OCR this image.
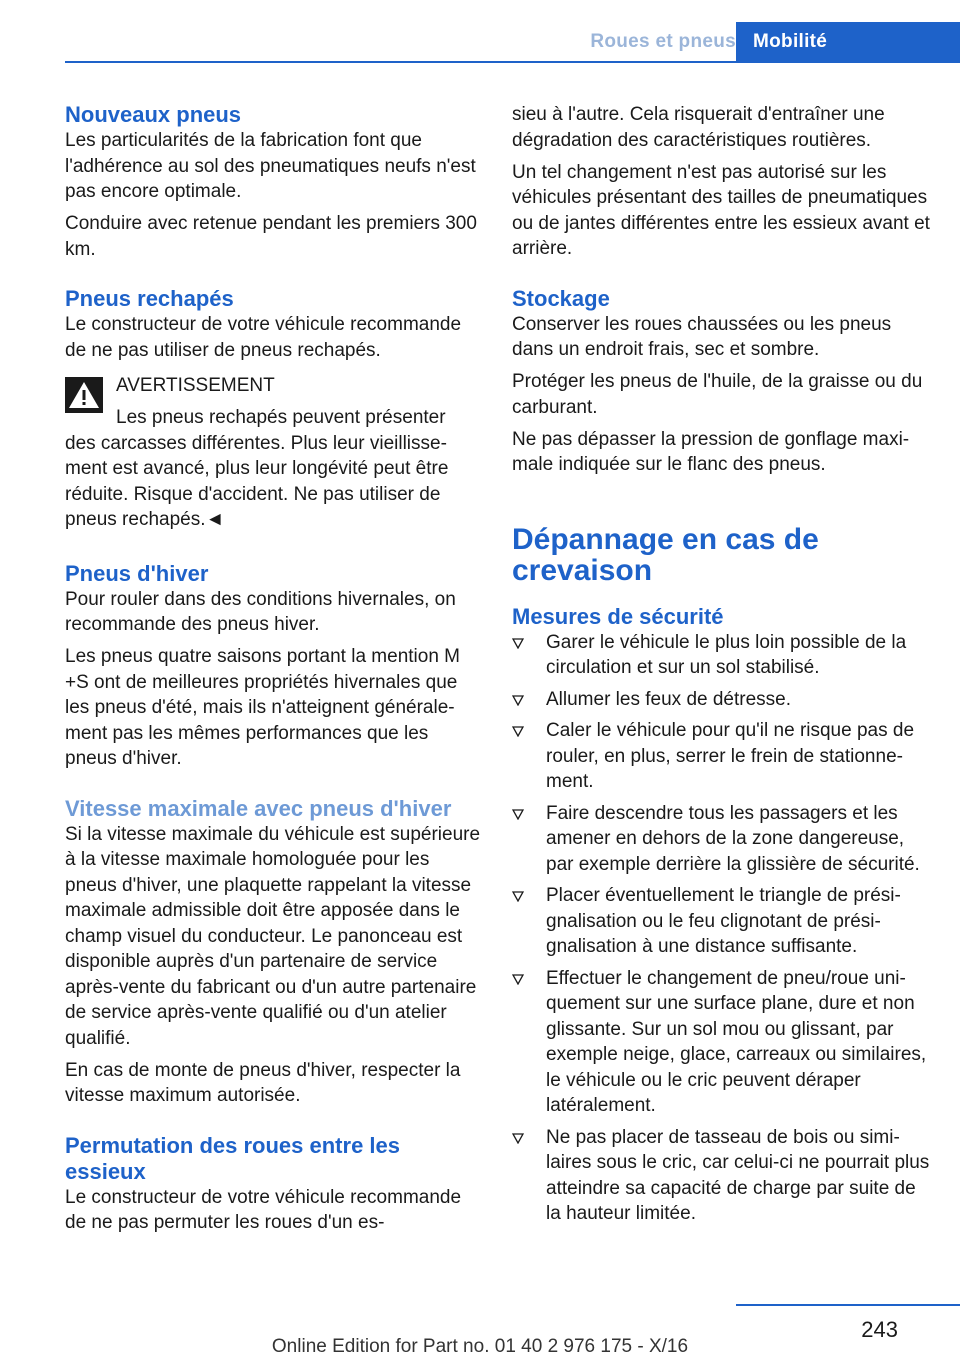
Roues et pneus Mobilité
Nouveaux pneus

Les particularités de la fabrication font que l'adhérence au sol des pneumatiques neufs n'est pas encore optimale.

Conduire avec retenue pendant les premiers 300 km.

Pneus rechapés

Le constructeur de votre véhicule recommande de ne pas utiliser de pneus rechapés.

AVERTISSEMENT

Les pneus rechapés peuvent présenter des carcasses différentes. Plus leur vieillissement est avancé, plus leur longévité peut être réduite. Risque d'accident. Ne pas utiliser de pneus rechapés.◄

Pneus d'hiver

Pour rouler dans des conditions hivernales, on recommande des pneus hiver.

Les pneus quatre saisons portant la mention M +S ont de meilleures propriétés hivernales que les pneus d'été, mais ils n'atteignent généralement pas les mêmes performances que les pneus d'hiver.

Vitesse maximale avec pneus d'hiver

Si la vitesse maximale du véhicule est supérieure à la vitesse maximale homologuée pour les pneus d'hiver, une plaquette rappelant la vitesse maximale admissible doit être apposée dans le champ visuel du conducteur. Le panonceau est disponible auprès d'un partenaire de service après-vente du fabricant ou d'un autre partenaire de service après-vente qualifié ou d'un atelier qualifié.

En cas de monte de pneus d'hiver, respecter la vitesse maximum autorisée.

Permutation des roues entre les essieux

Le constructeur de votre véhicule recommande de ne pas permuter les roues d'un es-

sieu à l'autre. Cela risquerait d'entraîner une dégradation des caractéristiques routières.

Un tel changement n'est pas autorisé sur les véhicules présentant des tailles de pneumatiques ou de jantes différentes entre les essieux avant et arrière.

Stockage

Conserver les roues chaussées ou les pneus dans un endroit frais, sec et sombre.

Protéger les pneus de l'huile, de la graisse ou du carburant.

Ne pas dépasser la pression de gonflage maximale indiquée sur le flanc des pneus.

Dépannage en cas de crevaison
Mesures de sécurité
Garer le véhicule le plus loin possible de la circulation et sur un sol stabilisé.
Allumer les feux de détresse.
Caler le véhicule pour qu'il ne risque pas de rouler, en plus, serrer le frein de stationnement.
Faire descendre tous les passagers et les amener en dehors de la zone dangereuse, par exemple derrière la glissière de sécurité.
Placer éventuellement le triangle de présignalisation ou le feu clignotant de présignalisation à une distance suffisante.
Effectuer le changement de pneu/roue uniquement sur une surface plane, dure et non glissante. Sur un sol mou ou glissant, par exemple neige, glace, carreaux ou similaires, le véhicule ou le cric peuvent déraper latéralement.
Ne pas placer de tasseau de bois ou similaires sous le cric, car celui-ci ne pourrait plus atteindre sa capacité de charge par suite de la hauteur limitée.
243
Online Edition for Part no. 01 40 2 976 175 - X/16
